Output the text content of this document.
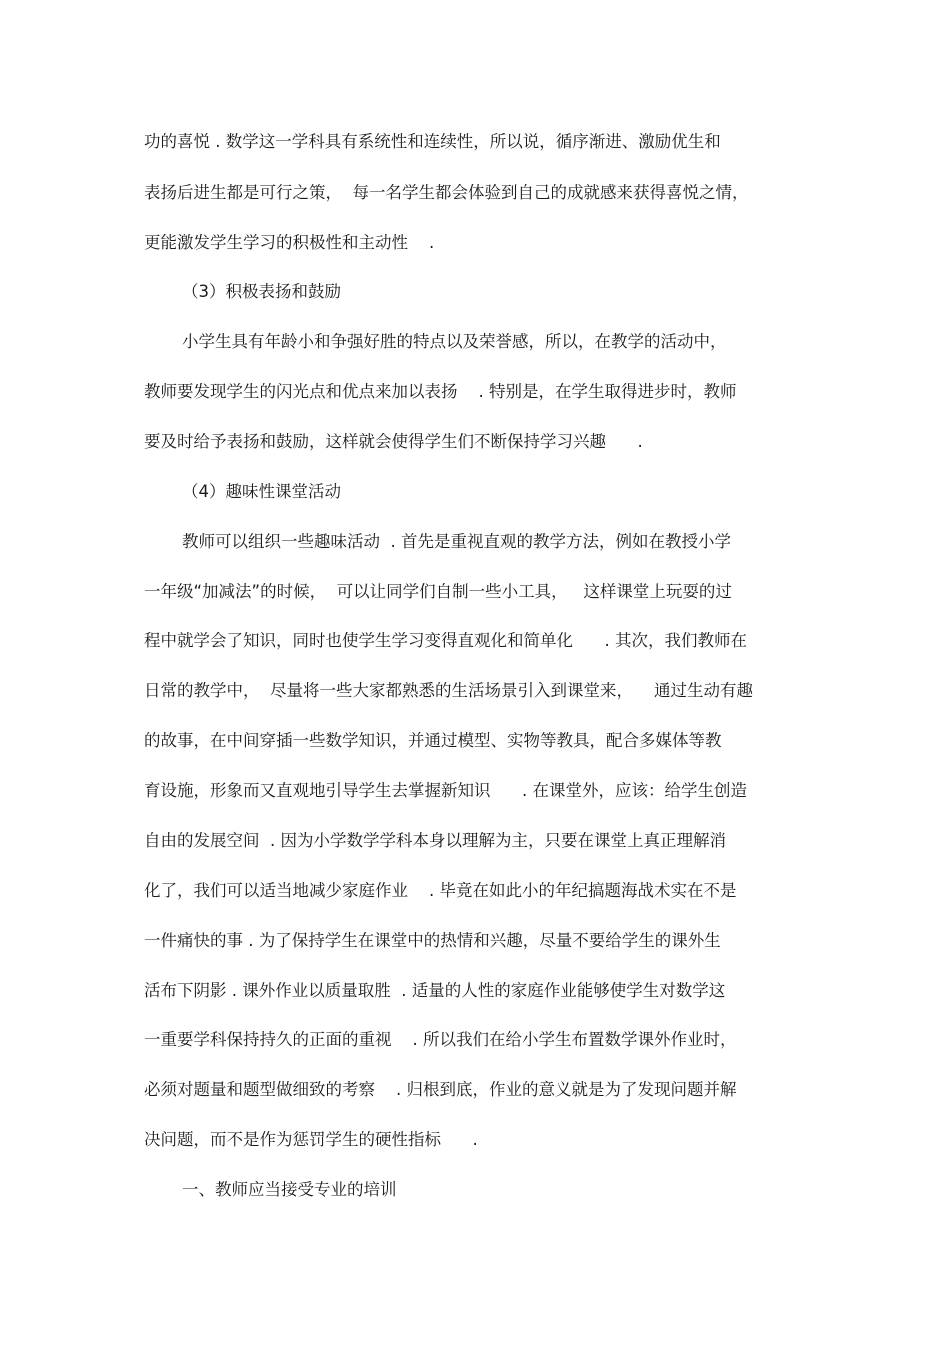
功的喜悦 . 数学这一学科具有系统性和连续性，所以说，循序渐进、激励优生和
表扬后进生都是可行之策，  每一名学生都会体验到自己的成就感来获得喜悦之情，
更能激发学生学习的积极性和主动性    .
（3）积极表扬和鼓励
小学生具有年龄小和争强好胜的特点以及荣誉感，所以，在教学的活动中，
教师要发现学生的闪光点和优点来加以表扬    . 特别是，在学生取得进步时，教师
要及时给予表扬和鼓励，这样就会使得学生们不断保持学习兴趣      .
（4）趣味性课堂活动
教师可以组织一些趣味活动  . 首先是重视直观的教学方法，例如在教授小学
一年级“加减法”的时候，  可以让同学们自制一些小工具，   这样课堂上玩耍的过
程中就学会了知识，同时也使学生学习变得直观化和简单化      . 其次，我们教师在
日常的教学中，  尽量将一些大家都熟悉的生活场景引入到课堂来，    通过生动有趣
的故事，在中间穿插一些数学知识，并通过模型、实物等教具，配合多媒体等教
育设施，形象而又直观地引导学生去掌握新知识      . 在课堂外，应该：给学生创造
自由的发展空间  . 因为小学数学学科本身以理解为主，只要在课堂上真正理解消
化了，我们可以适当地减少家庭作业    . 毕竟在如此小的年纪搞题海战术实在不是
一件痛快的事 . 为了保持学生在课堂中的热情和兴趣，尽量不要给学生的课外生
活布下阴影 . 课外作业以质量取胜  . 适量的人性的家庭作业能够使学生对数学这
一重要学科保持持久的正面的重视    . 所以我们在给小学生布置数学课外作业时，
必须对题量和题型做细致的考察    . 归根到底，作业的意义就是为了发现问题并解
决问题，而不是作为惩罚学生的硬性指标      .
一、教师应当接受专业的培训
